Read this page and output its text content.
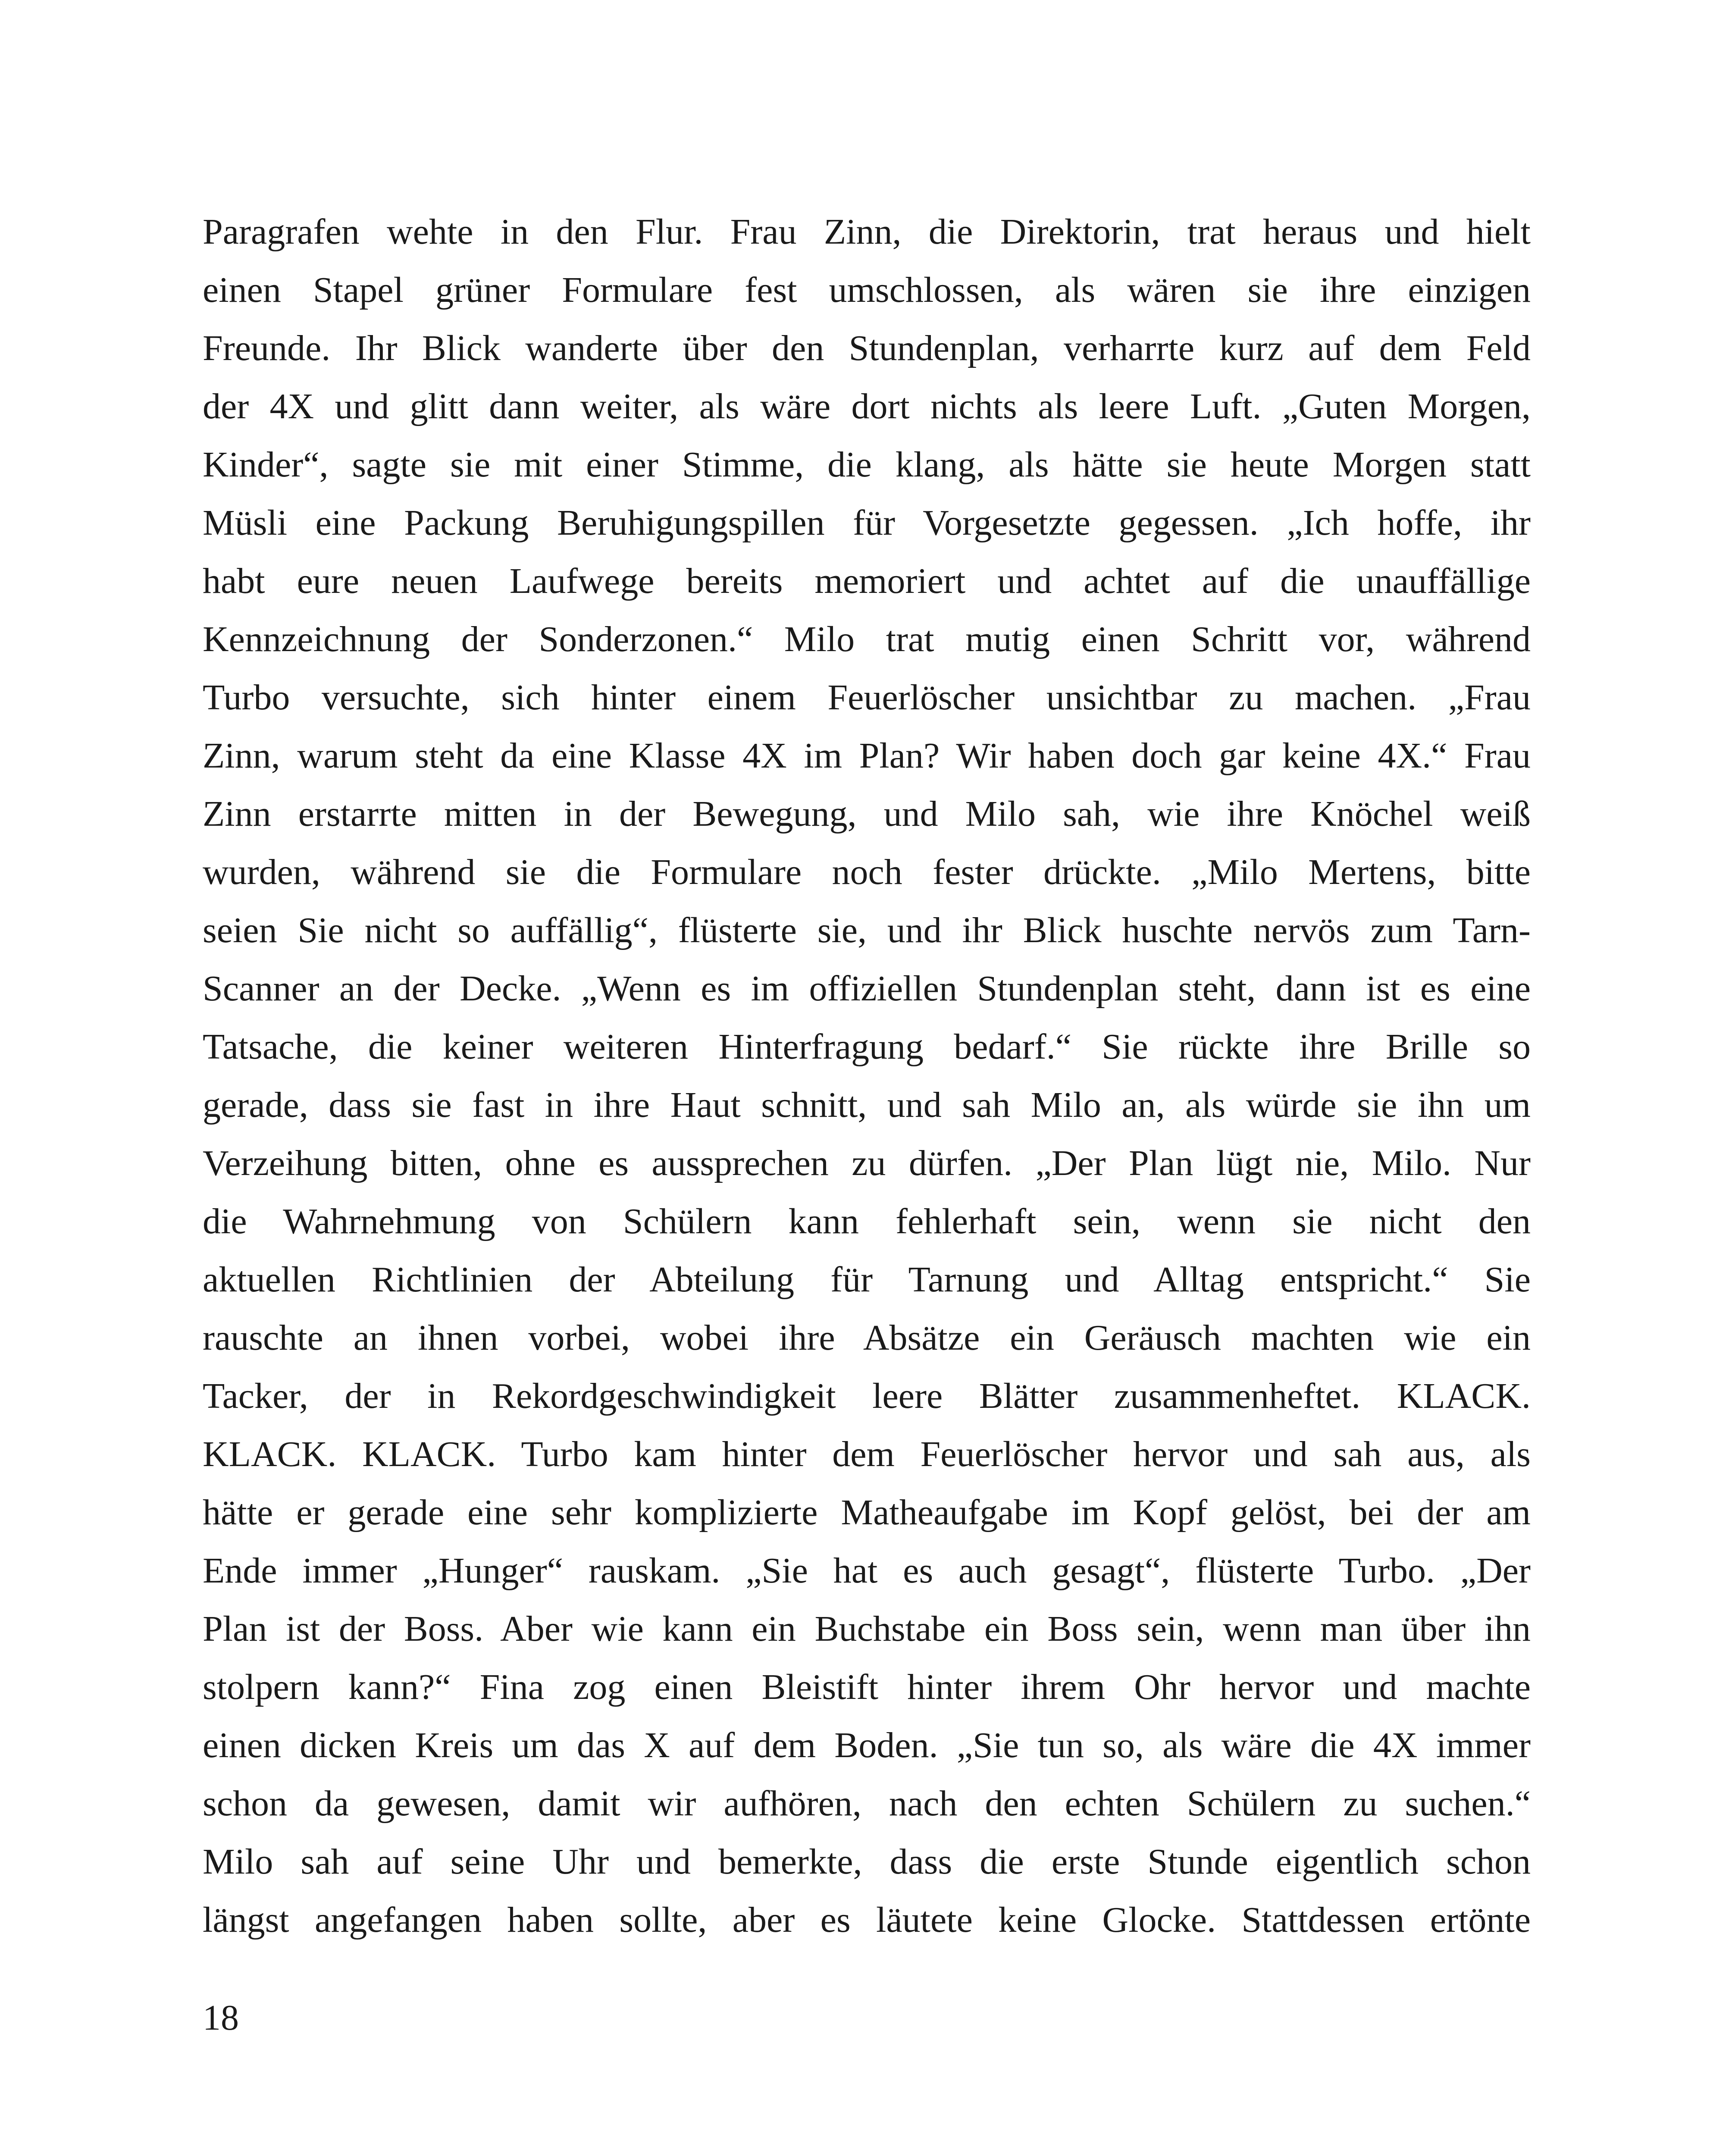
Paragrafen wehte in den Flur. Frau Zinn, die Direktorin, trat heraus und hielt
einen Stapel grüner Formulare fest umschlossen, als wären sie ihre einzigen
Freunde. Ihr Blick wanderte über den Stundenplan, verharrte kurz auf dem Feld
der 4X und glitt dann weiter, als wäre dort nichts als leere Luft. „Guten Morgen,
Kinder“, sagte sie mit einer Stimme, die klang, als hätte sie heute Morgen statt
Müsli eine Packung Beruhigungspillen für Vorgesetzte gegessen. „Ich hoffe, ihr
habt eure neuen Laufwege bereits memoriert und achtet auf die unauffällige
Kennzeichnung der Sonderzonen.“ Milo trat mutig einen Schritt vor, während
Turbo versuchte, sich hinter einem Feuerlöscher unsichtbar zu machen. „Frau
Zinn, warum steht da eine Klasse 4X im Plan? Wir haben doch gar keine 4X.“ Frau
Zinn erstarrte mitten in der Bewegung, und Milo sah, wie ihre Knöchel weiß
wurden, während sie die Formulare noch fester drückte. „Milo Mertens, bitte
seien Sie nicht so auffällig“, flüsterte sie, und ihr Blick huschte nervös zum Tarn-
Scanner an der Decke. „Wenn es im offiziellen Stundenplan steht, dann ist es eine
Tatsache, die keiner weiteren Hinterfragung bedarf.“ Sie rückte ihre Brille so
gerade, dass sie fast in ihre Haut schnitt, und sah Milo an, als würde sie ihn um
Verzeihung bitten, ohne es aussprechen zu dürfen. „Der Plan lügt nie, Milo. Nur
die Wahrnehmung von Schülern kann fehlerhaft sein, wenn sie nicht den
aktuellen Richtlinien der Abteilung für Tarnung und Alltag entspricht.“ Sie
rauschte an ihnen vorbei, wobei ihre Absätze ein Geräusch machten wie ein
Tacker, der in Rekordgeschwindigkeit leere Blätter zusammenheftet. KLACK.
KLACK. KLACK. Turbo kam hinter dem Feuerlöscher hervor und sah aus, als
hätte er gerade eine sehr komplizierte Matheaufgabe im Kopf gelöst, bei der am
Ende immer „Hunger“ rauskam. „Sie hat es auch gesagt“, flüsterte Turbo. „Der
Plan ist der Boss. Aber wie kann ein Buchstabe ein Boss sein, wenn man über ihn
stolpern kann?“ Fina zog einen Bleistift hinter ihrem Ohr hervor und machte
einen dicken Kreis um das X auf dem Boden. „Sie tun so, als wäre die 4X immer
schon da gewesen, damit wir aufhören, nach den echten Schülern zu suchen.“
Milo sah auf seine Uhr und bemerkte, dass die erste Stunde eigentlich schon
längst angefangen haben sollte, aber es läutete keine Glocke. Stattdessen ertönte
18
